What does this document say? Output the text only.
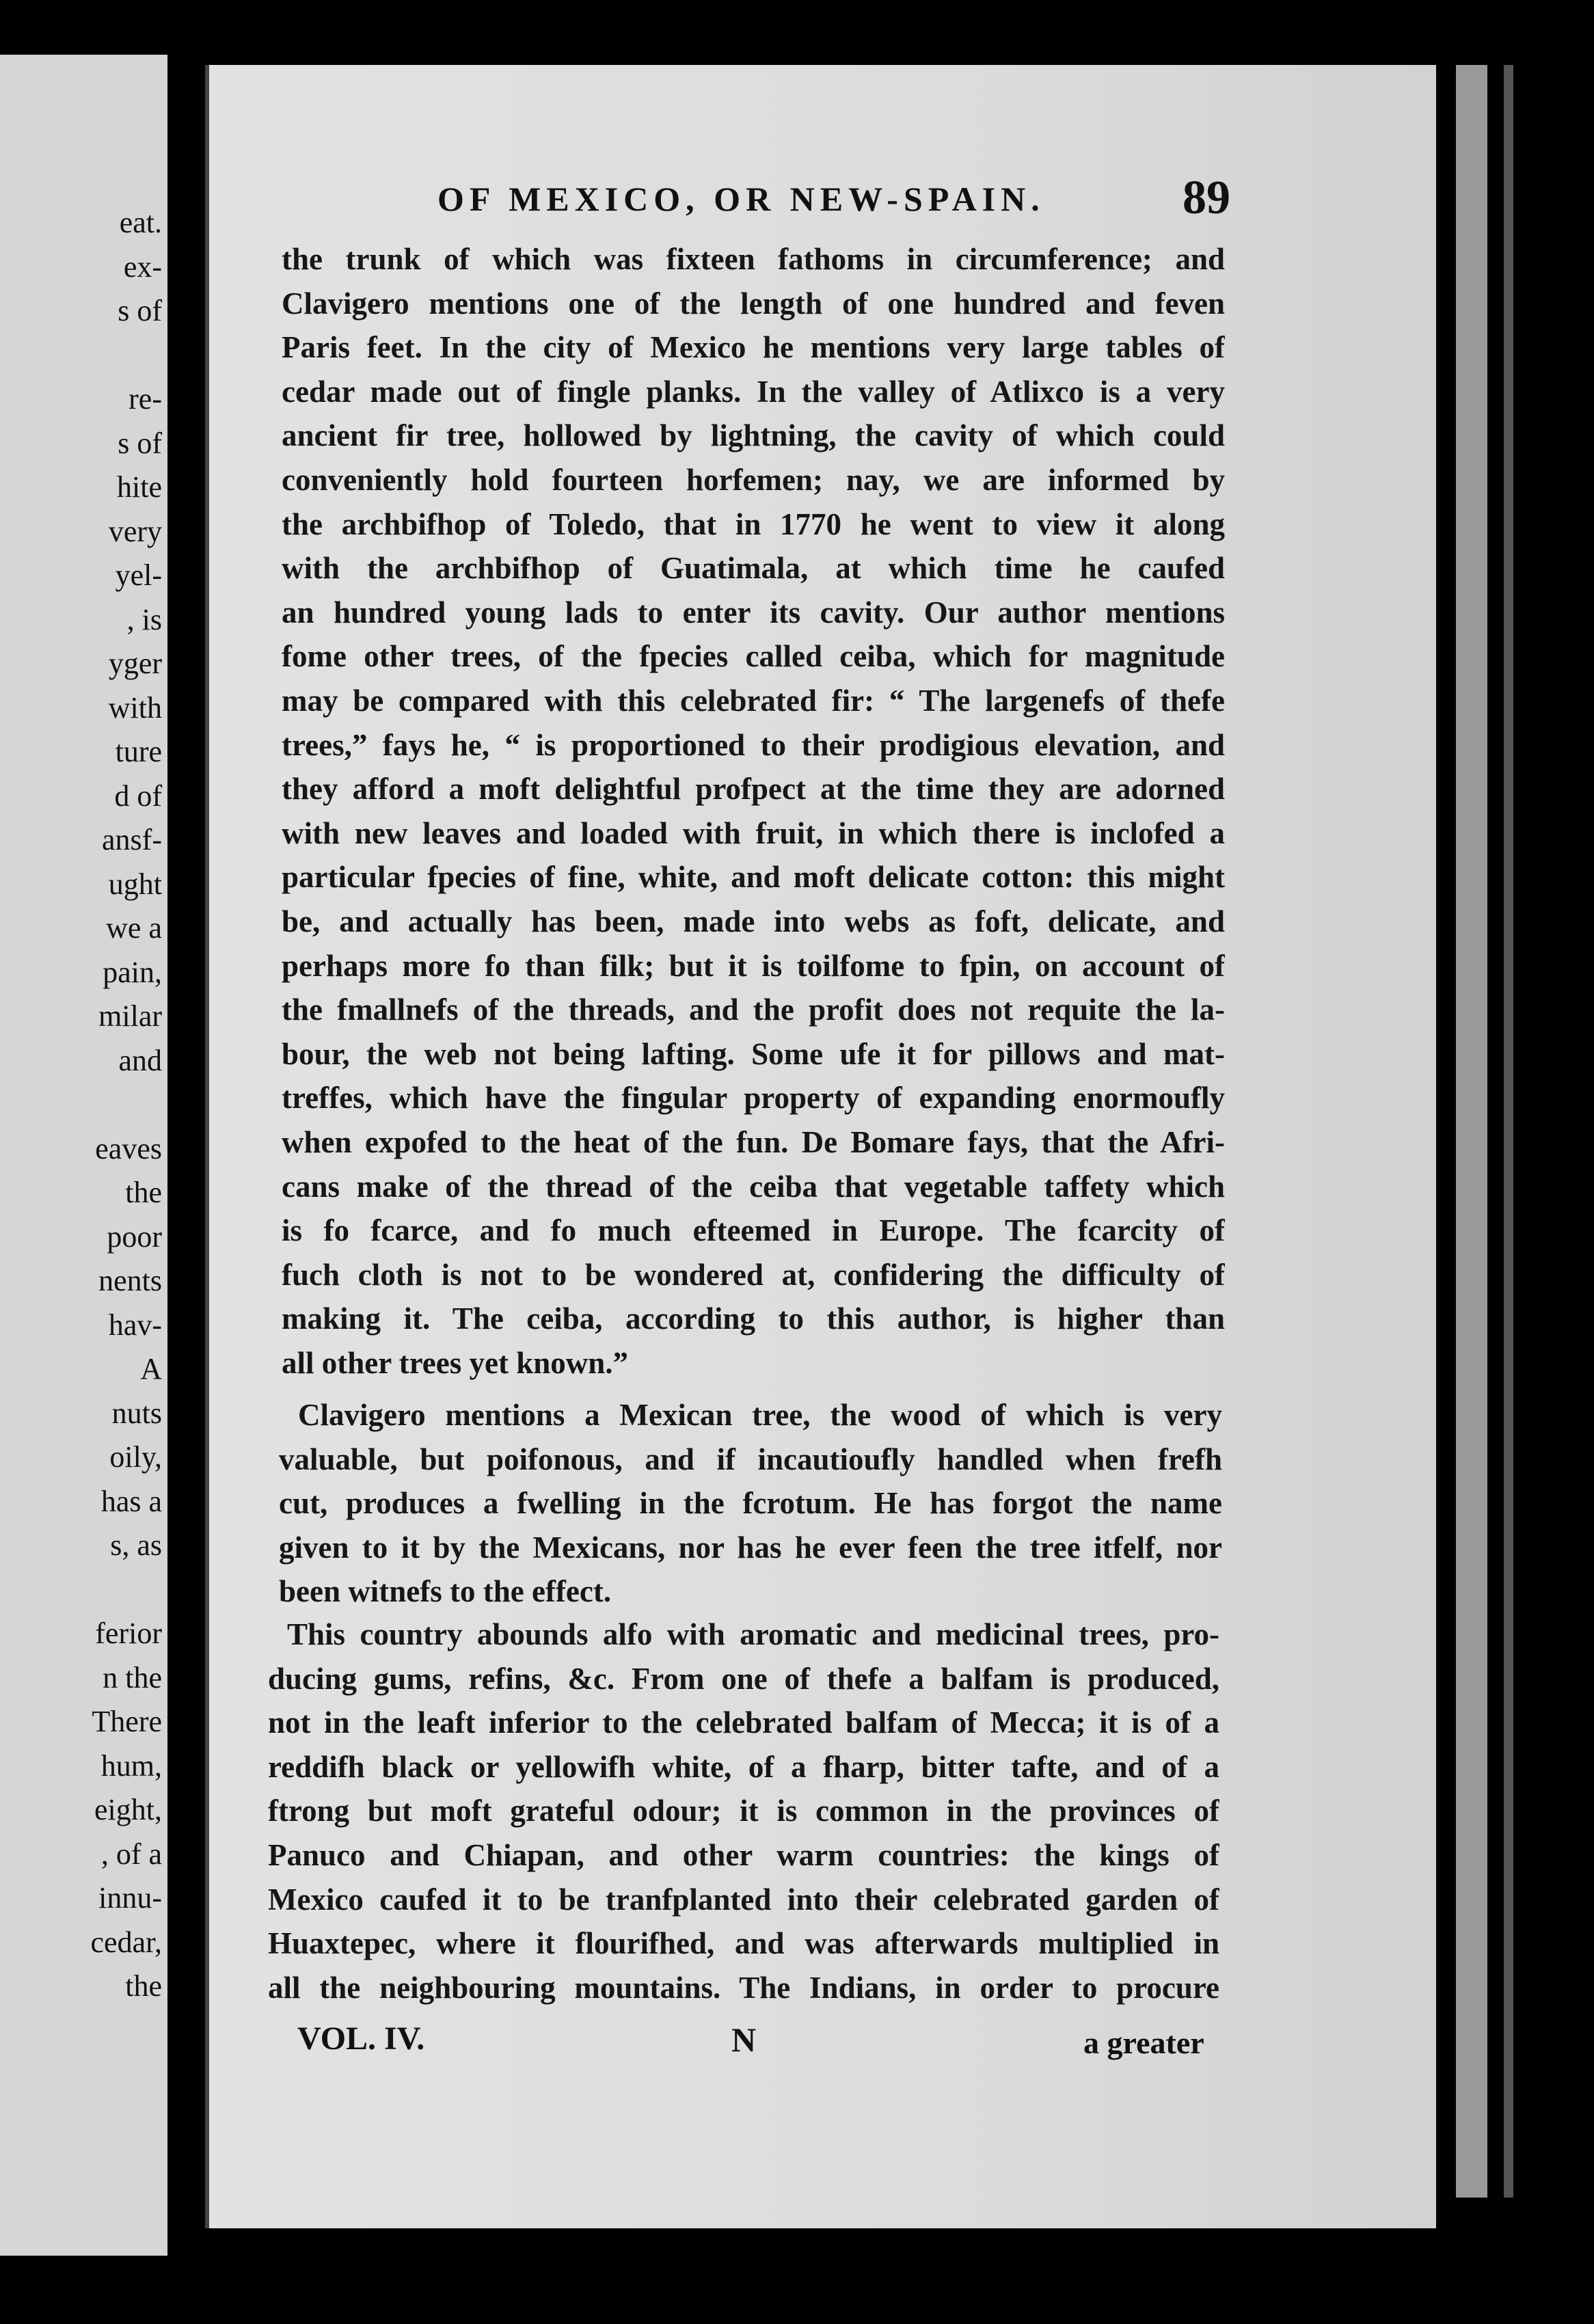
eat.
ex-
s of
re-
s of
hite
very
yel-
, is
yger
with
ture
d of
ansf-
ught
we a
pain,
milar
and
eaves
the
poor
nents
hav-
A
nuts
oily,
has a
s, as
ferior
n the
There
hum,
eight,
, of a
innu-
cedar,
the
OF MEXICO, OR NEW-SPAIN.	89
the trunk of which was fixteen fathoms in circumference; and
Clavigero mentions one of the length of one hundred and feven
Paris feet. In the city of Mexico he mentions very large tables of
cedar made out of fingle planks. In the valley of Atlixco is a very
ancient fir tree, hollowed by lightning, the cavity of which could
conveniently hold fourteen horfemen; nay, we are informed by
the archbifhop of Toledo, that in 1770 he went to view it along
with the archbifhop of Guatimala, at which time he caufed
an hundred young lads to enter its cavity. Our author mentions
fome other trees, of the fpecies called ceiba, which for magnitude
may be compared with this celebrated fir: “ The largenefs of thefe
trees,” fays he, “ is proportioned to their prodigious elevation, and
they afford a moft delightful profpect at the time they are adorned
with new leaves and loaded with fruit, in which there is inclofed a
particular fpecies of fine, white, and moft delicate cotton: this might
be, and actually has been, made into webs as foft, delicate, and
perhaps more fo than filk; but it is toilfome to fpin, on account of
the fmallnefs of the threads, and the profit does not requite the la-
bour, the web not being lafting. Some ufe it for pillows and mat-
treffes, which have the fingular property of expanding enormoufly
when expofed to the heat of the fun. De Bomare fays, that the Afri-
cans make of the thread of the ceiba that vegetable taffety which
is fo fcarce, and fo much efteemed in Europe. The fcarcity of
fuch cloth is not to be wondered at, confidering the difficulty of
making it. The ceiba, according to this author, is higher than
all other trees yet known.”
Clavigero mentions a Mexican tree, the wood of which is very
valuable, but poifonous, and if incautioufly handled when frefh
cut, produces a fwelling in the fcrotum. He has forgot the name
given to it by the Mexicans, nor has he ever feen the tree itfelf, nor
been witnefs to the effect.
This country abounds alfo with aromatic and medicinal trees, pro-
ducing gums, refins, &c. From one of thefe a balfam is produced,
not in the leaft inferior to the celebrated balfam of Mecca; it is of a
reddifh black or yellowifh white, of a fharp, bitter tafte, and of a
ftrong but moft grateful odour; it is common in the provinces of
Panuco and Chiapan, and other warm countries: the kings of
Mexico caufed it to be tranfplanted into their celebrated garden of
Huaxtepec, where it flourifhed, and was afterwards multiplied in
all the neighbouring mountains. The Indians, in order to procure
VOL. IV.	N	a greater
